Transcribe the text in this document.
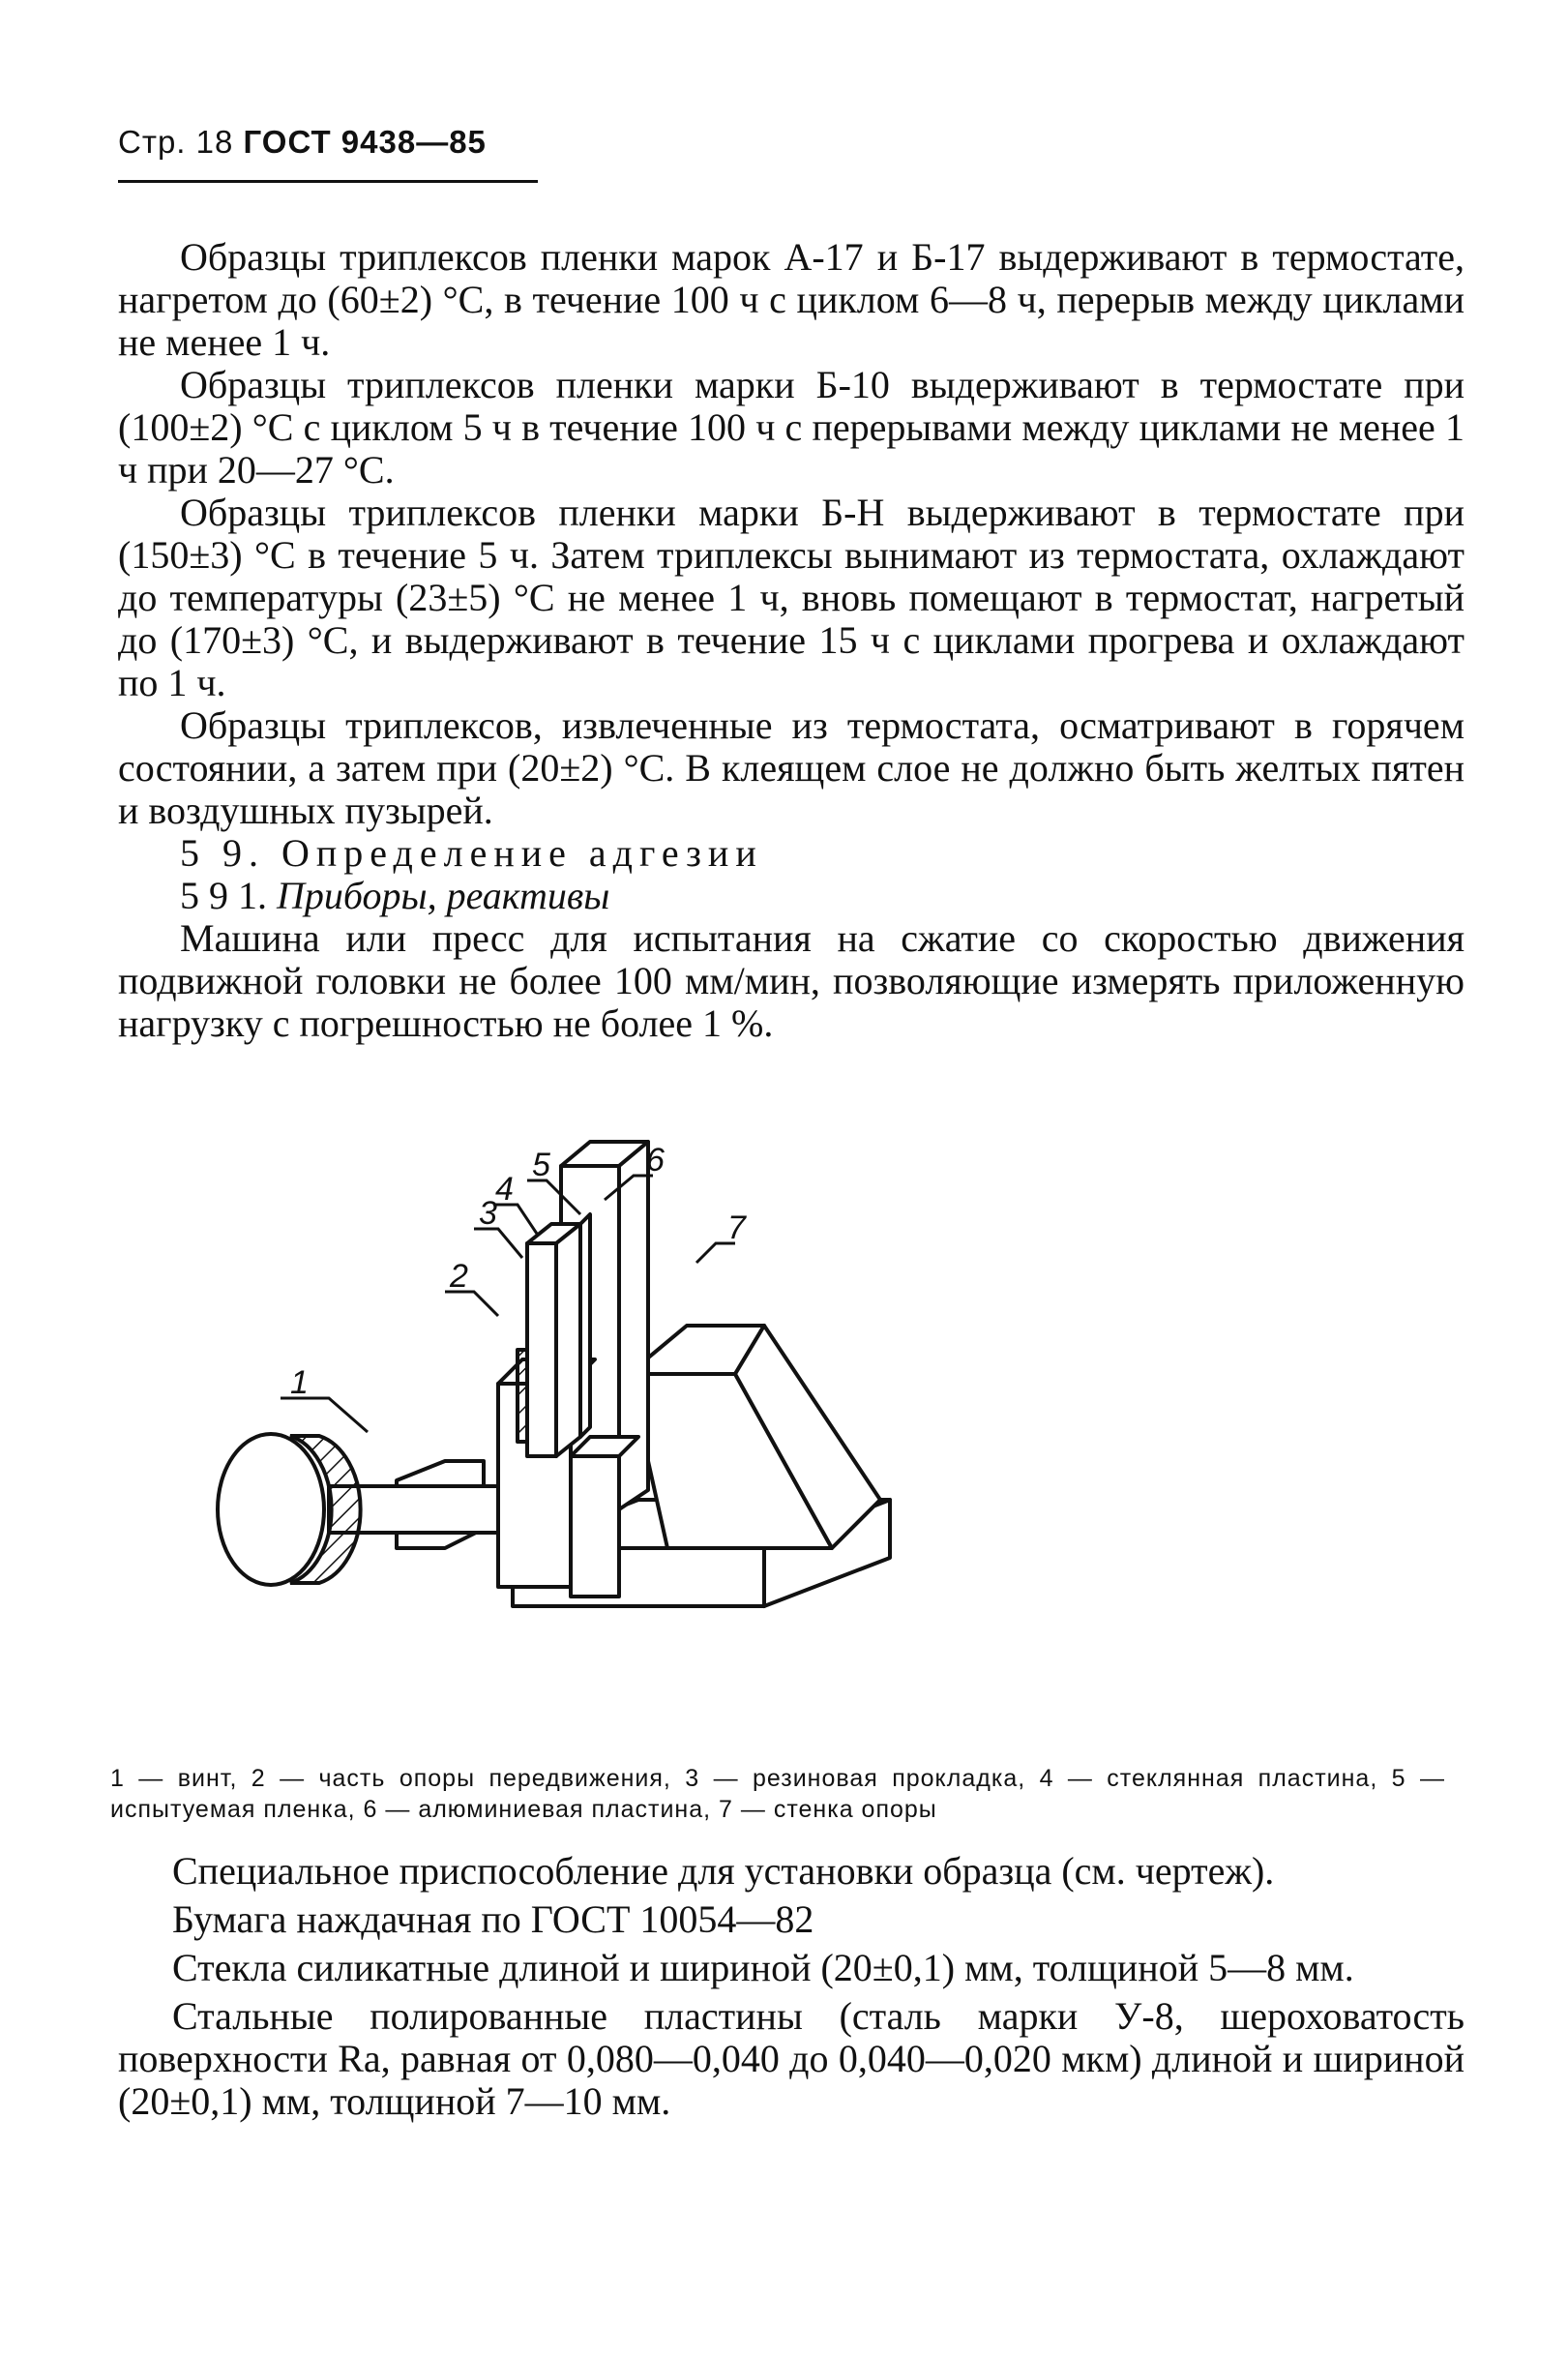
Стр. 18 ГОСТ 9438—85

Образцы триплексов пленки марок А-17 и Б-17 выдерживают в термостате, нагретом до (60±2) °С, в течение 100 ч с циклом 6—8 ч, перерыв между циклами не менее 1 ч.

Образцы триплексов пленки марки Б-10 выдерживают в термостате при (100±2) °С с циклом 5 ч в течение 100 ч с перерывами между циклами не менее 1 ч при 20—27 °С.

Образцы триплексов пленки марки Б-Н выдерживают в термостате при (150±3) °С в течение 5 ч. Затем триплексы вынимают из термостата, охлаждают до температуры (23±5) °С не менее 1 ч, вновь помещают в термостат, нагретый до (170±3) °С, и выдерживают в течение 15 ч с циклами прогрева и охлаждают по 1 ч.

Образцы триплексов, извлеченные из термостата, осматривают в горячем состоянии, а затем при (20±2) °С. В клеящем слое не должно быть желтых пятен и воздушных пузырей.

5 9. Определение адгезии

5 9 1. Приборы, реактивы

Машина или пресс для испытания на сжатие со скоростью движения подвижной головки не более 100 мм/мин, позволяющие измерять приложенную нагрузку с погрешностью не более 1 %.

1
2
3
4
5	6
7
1 — винт, 2 — часть опоры передвижения, 3 — резиновая прокладка, 4 — стеклянная пластина, 5 — испытуемая пленка, 6 — алюминиевая пластина, 7 — стенка опоры

Специальное приспособление для установки образца (см. чертеж).

Бумага наждачная по ГОСТ 10054—82

Стекла силикатные длиной и шириной (20±0,1) мм, толщиной 5—8 мм.

Стальные полированные пластины (сталь марки У-8, шероховатость поверхности Ra, равная от 0,080—0,040 до 0,040—0,020 мкм) длиной и шириной (20±0,1) мм, толщиной 7—10 мм.
